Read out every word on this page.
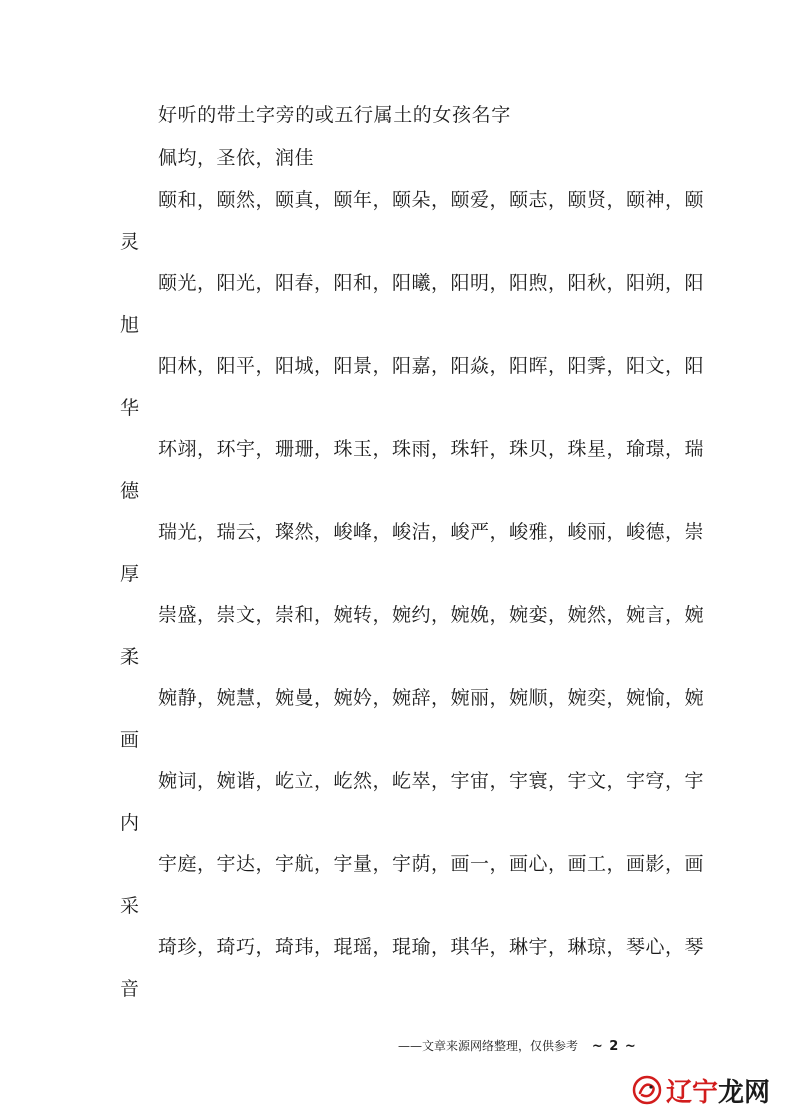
好听的带土字旁的或五行属土的女孩名字
佩均，圣依，润佳
颐和，颐然，颐真，颐年，颐朵，颐爱，颐志，颐贤，颐神，颐
灵
颐光，阳光，阳春，阳和，阳曦，阳明，阳煦，阳秋，阳朔，阳
旭
阳林，阳平，阳城，阳景，阳嘉，阳焱，阳晖，阳霁，阳文，阳
华
环翊，环宇，珊珊，珠玉，珠雨，珠轩，珠贝，珠星，瑜璟，瑞
德
瑞光，瑞云，璨然，峻峰，峻洁，峻严，峻雅，峻丽，峻德，崇
厚
崇盛，崇文，崇和，婉转，婉约，婉娩，婉娈，婉然，婉言，婉
柔
婉静，婉慧，婉曼，婉妗，婉辞，婉丽，婉顺，婉奕，婉愉，婉
画
婉词，婉谐，屹立，屹然，屹崒，宇宙，宇寰，宇文，宇穹，宇
内
宇庭，宇达，宇航，宇量，宇荫，画一，画心，画工，画影，画
采
琦珍，琦巧，琦玮，琨瑶，琨瑜，琪华，琳宇，琳琼，琴心，琴
音
——文章来源网络整理，仅供参考 ~ 2 ~
辽宁龙网
